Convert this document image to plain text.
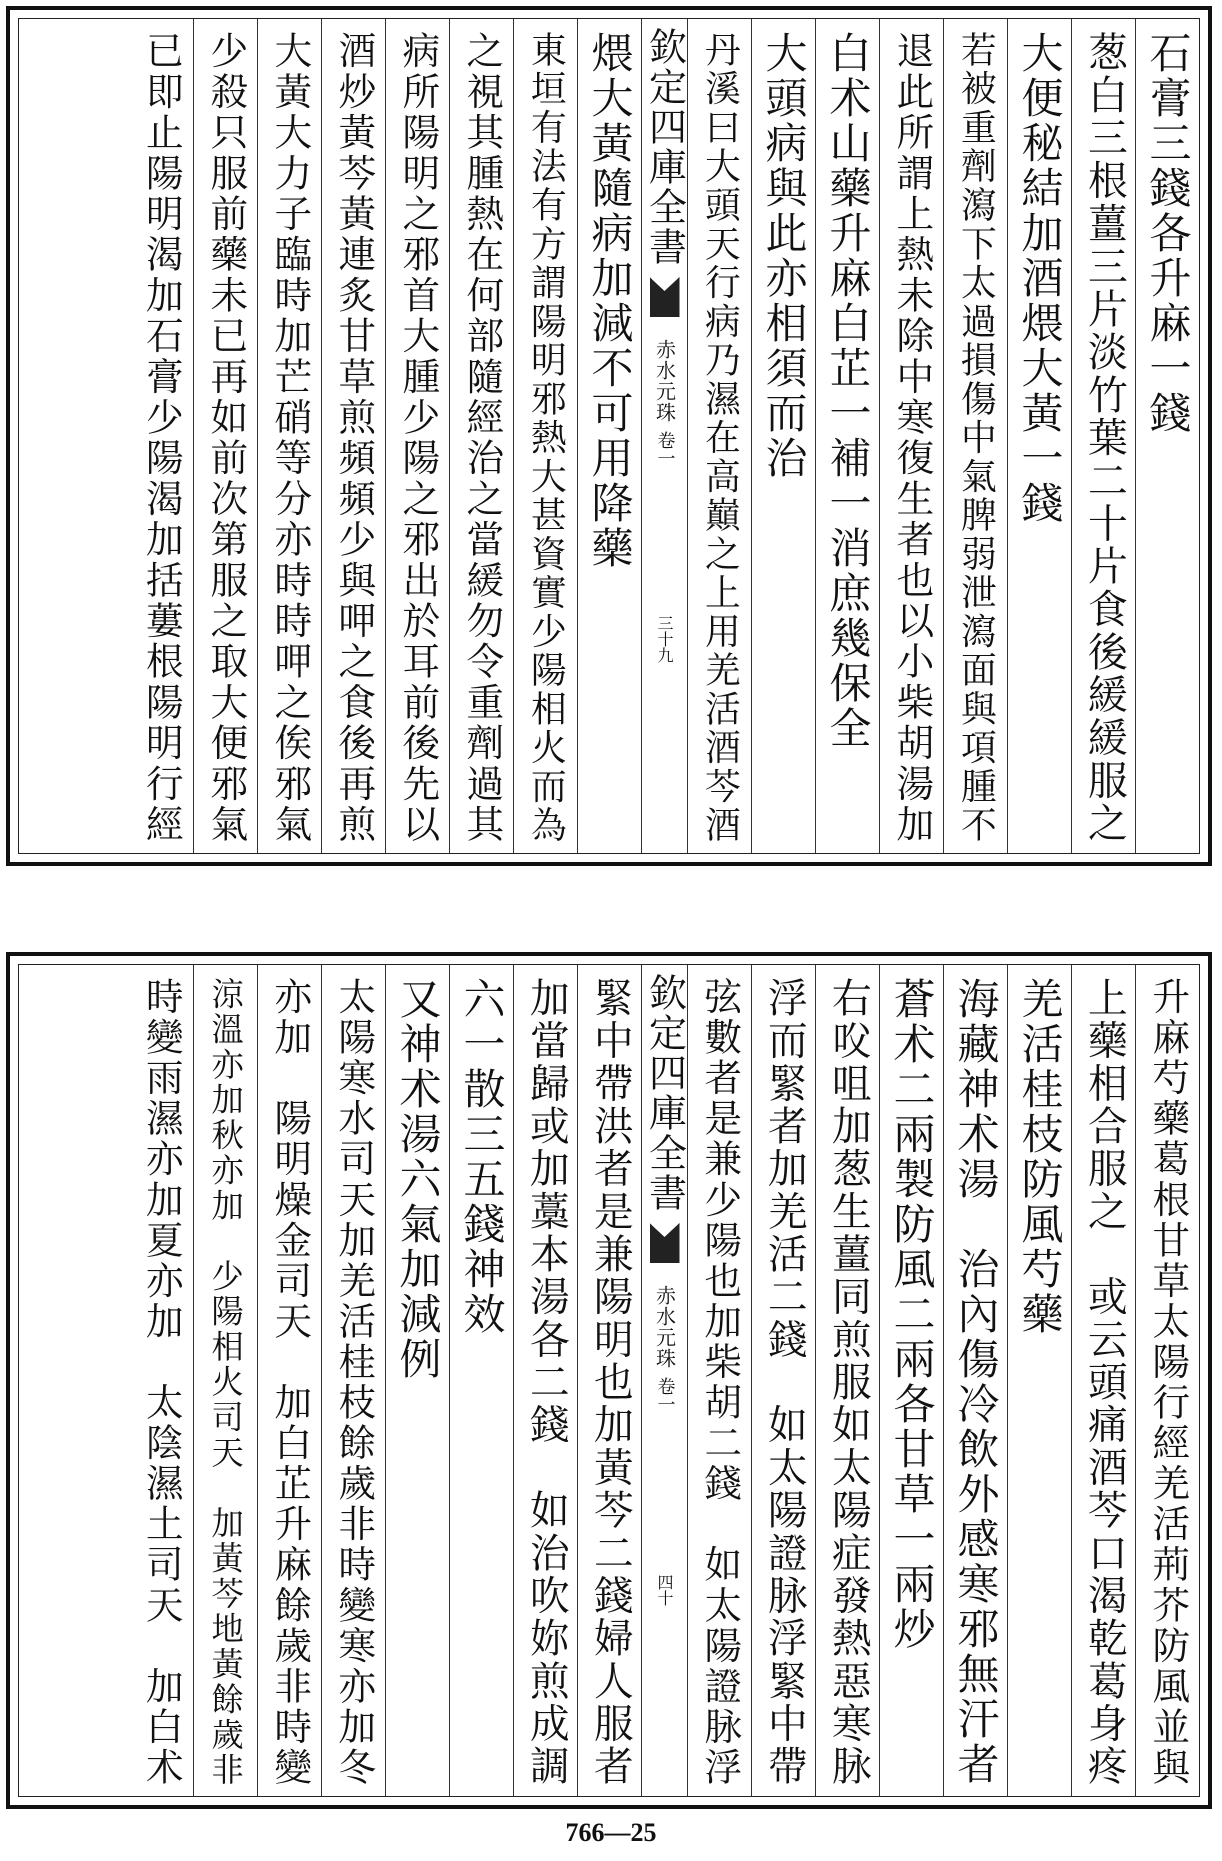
石膏三錢各升麻一錢
葱白三根薑三片淡竹葉二十片食後緩緩服之
大便秘結加酒煨大黃一錢
若被重劑瀉下太過損傷中氣脾弱泄瀉面與項腫不
退此所謂上熱未除中寒復生者也以小柴胡湯加
白术山藥升麻白芷一補一消庶幾保全
大頭病與此亦相須而治
丹溪曰大頭天行病乃濕在高巔之上用羌活酒芩酒
欽定四庫全書
赤水元珠
卷一
三十九
煨大黃隨病加減不可用降藥
東垣有法有方謂陽明邪熱大甚資實少陽相火而為
之視其腫熱在何部隨經治之當緩勿令重劑過其
病所陽明之邪首大腫少陽之邪出於耳前後先以
酒炒黃芩黃連炙甘草煎頻頻少與呷之食後再煎
大黃大力子臨時加芒硝等分亦時時呷之俟邪氣
少殺只服前藥未已再如前次第服之取大便邪氣
已即止陽明渴加石膏少陽渴加括蔞根陽明行經
升麻芍藥葛根甘草太陽行經羌活荊芥防風並與
上藥相合服之　或云頭痛酒芩口渴乾葛身疼
羌活桂枝防風芍藥
海藏神术湯　治內傷冷飲外感寒邪無汗者
蒼术二兩製防風二兩各甘草一兩炒
右㕮咀加葱生薑同煎服如太陽症發熱惡寒脉
浮而緊者加羌活二錢　如太陽證脉浮緊中帶
弦數者是兼少陽也加柴胡二錢　如太陽證脉浮
欽定四庫全書
赤水元珠
卷一
四十
緊中帶洪者是兼陽明也加黃芩二錢婦人服者
加當歸或加藁本湯各二錢　如治吹妳煎成調
六一散三五錢神效
又神术湯六氣加減例
太陽寒水司天加羌活桂枝餘歲非時變寒亦加冬
亦加　陽明燥金司天　加白芷升麻餘歲非時變
涼溫亦加秋亦加　少陽相火司天　加黃芩地黃餘歲非
時變雨濕亦加夏亦加　太陰濕土司天　加白术
766—25
